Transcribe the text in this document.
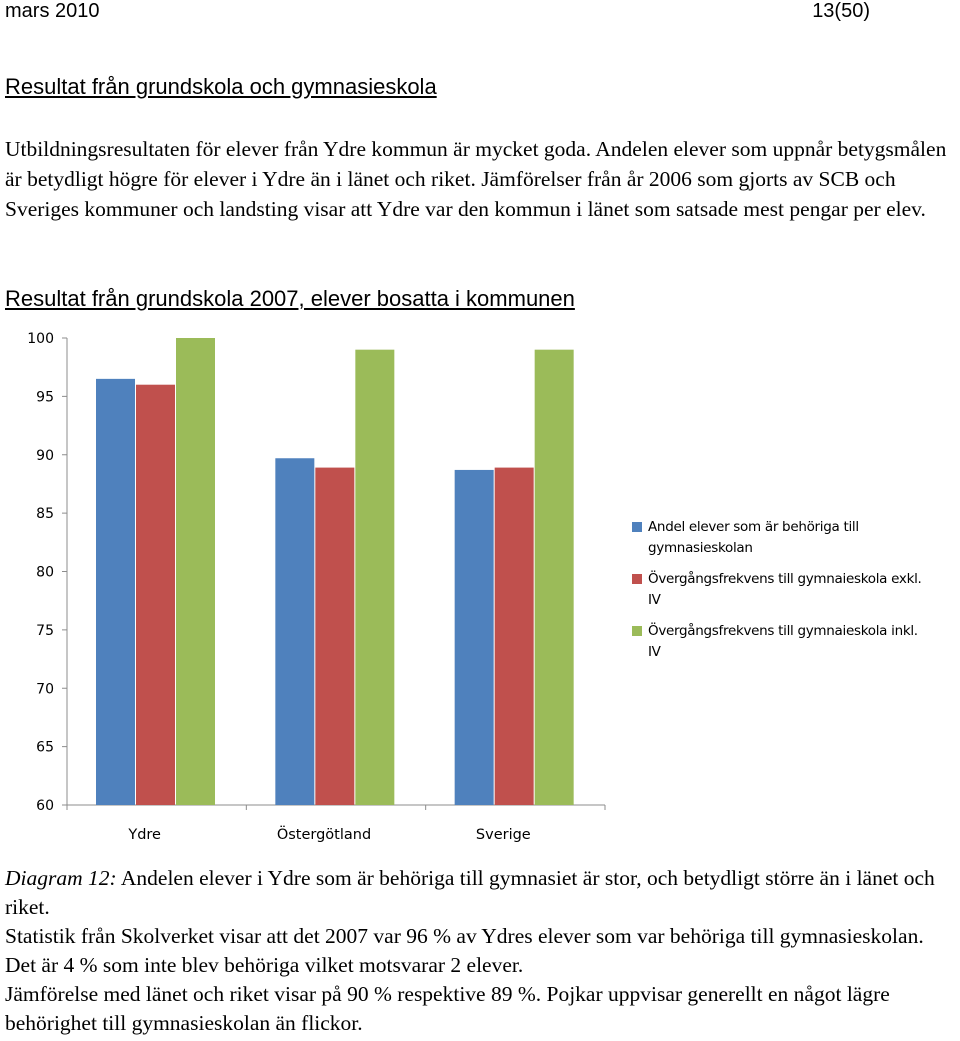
mars 2010	13(50)
Resultat från grundskola och gymnasieskola

Utbildningsresultaten för elever från Ydre kommun är mycket goda. Andelen elever som uppnår betygsmålen är betydligt högre för elever i Ydre än i länet och riket. Jämförelser från år 2006 som gjorts av SCB och Sveriges kommuner och landsting visar att Ydre var den kommun i länet som satsade mest pengar per elev.

Resultat från grundskola 2007, elever bosatta i kommunen
100
95
90
85
80
75
70
65
60
Ydre	Östergötland	Sverige
Andel elever som är behöriga till gymnasieskolan
Övergångsfrekvens till gymnaieskola exkl. IV
Övergångsfrekvens till gymnaieskola inkl. IV

Diagram 12: Andelen elever i Ydre som är behöriga till gymnasiet är stor, och betydligt större än i länet och riket.

Statistik från Skolverket visar att det 2007 var 96 % av Ydres elever som var behöriga till gymnasieskolan. Det är 4 % som inte blev behöriga vilket motsvarar 2 elever.

Jämförelse med länet och riket visar på 90 % respektive 89 %. Pojkar uppvisar generellt en något lägre behörighet till gymnasieskolan än flickor.
